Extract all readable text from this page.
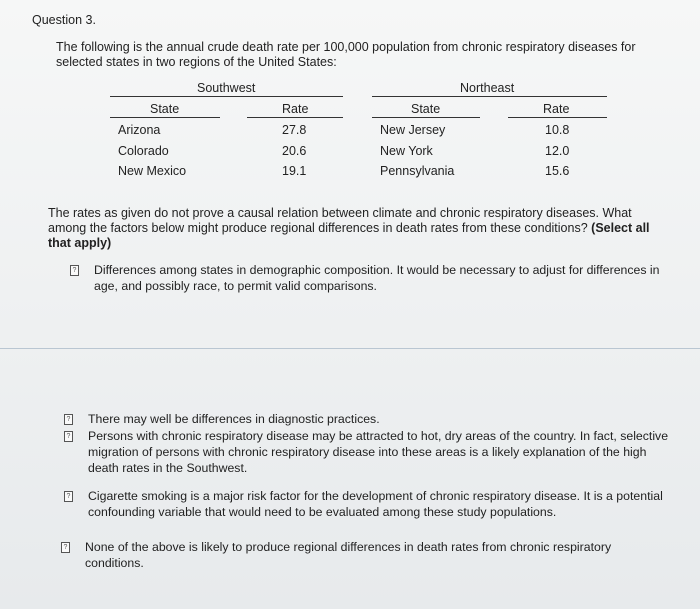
Question 3.
The following is the annual crude death rate per 100,000 population from chronic respiratory diseases for selected states in two regions of the United States:
Southwest
State	Rate
Arizona	27.8
Colorado	20.6
New Mexico	19.1
Northeast
State	Rate
New Jersey	10.8
New York	12.0
Pennsylvania	15.6
The rates as given do not prove a causal relation between climate and chronic respiratory diseases. What among the factors below might produce regional differences in death rates from these conditions? (Select all that apply)
? Differences among states in demographic composition. It would be necessary to adjust for differences in age, and possibly race, to permit valid comparisons.
? There may well be differences in diagnostic practices.
? Persons with chronic respiratory disease may be attracted to hot, dry areas of the country. In fact, selective migration of persons with chronic respiratory disease into these areas is a likely explanation of the high death rates in the Southwest.
? Cigarette smoking is a major risk factor for the development of chronic respiratory disease. It is a potential confounding variable that would need to be evaluated among these study populations.
? None of the above is likely to produce regional differences in death rates from chronic respiratory conditions.
